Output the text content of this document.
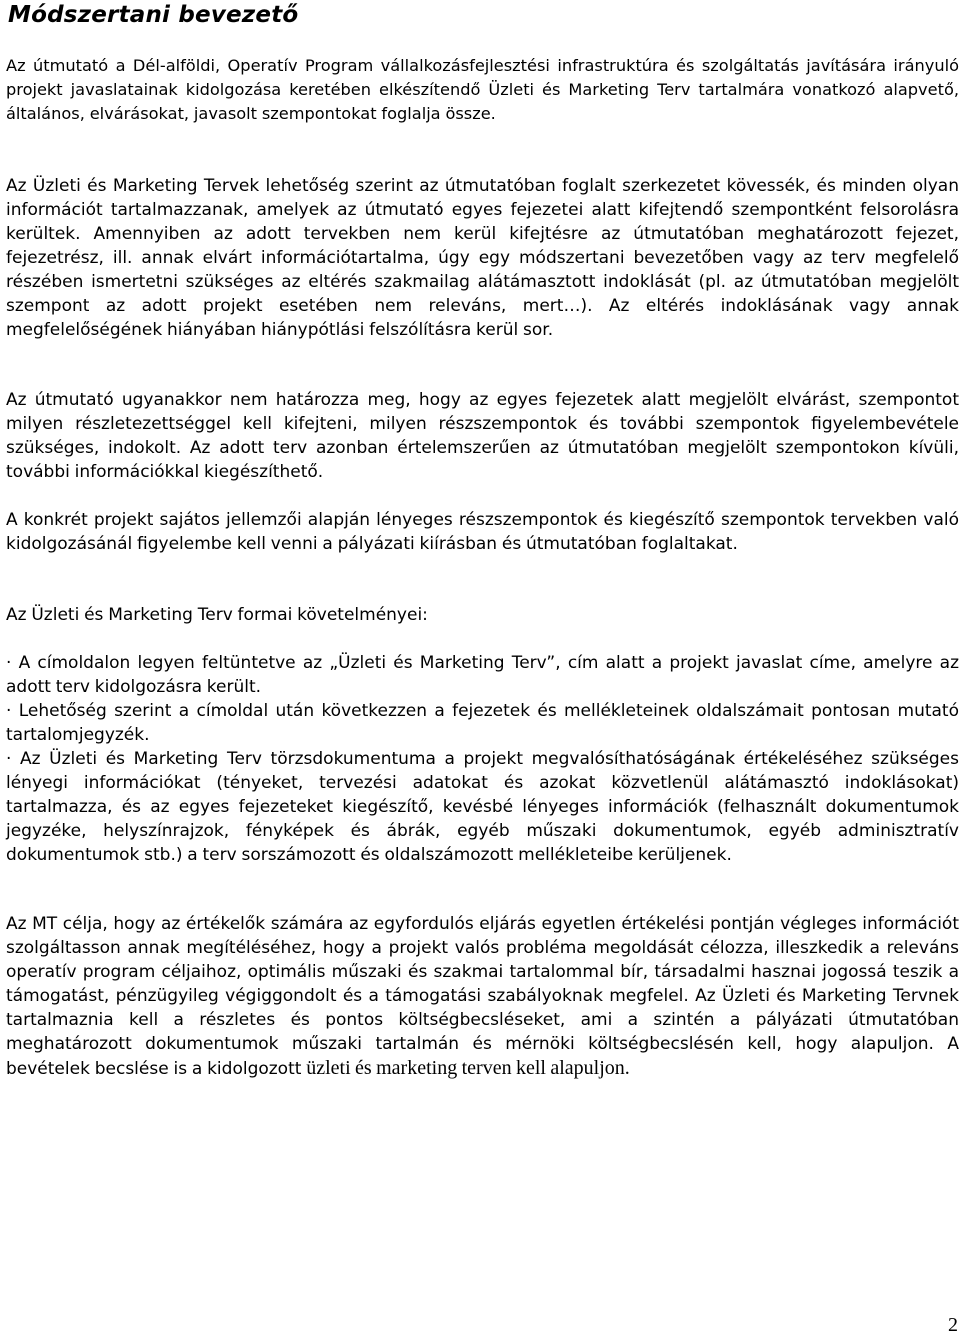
Módszertani bevezető

Az útmutató a Dél-alföldi, Operatív Program vállalkozásfejlesztési infrastruktúra és szolgáltatás javítására irányuló projekt javaslatainak kidolgozása keretében elkészítendő Üzleti és Marketing Terv tartalmára vonatkozó alapvető, általános, elvárásokat, javasolt szempontokat foglalja össze.

Az Üzleti és Marketing Tervek lehetőség szerint az útmutatóban foglalt szerkezetet kövessék, és minden olyan információt tartalmazzanak, amelyek az útmutató egyes fejezetei alatt kifejtendő szempontként felsorolásra kerültek. Amennyiben az adott tervekben nem kerül kifejtésre az útmutatóban meghatározott fejezet, fejezetrész, ill. annak elvárt információtartalma, úgy egy módszertani bevezetőben vagy az terv megfelelő részében ismertetni szükséges az eltérés szakmailag alátámasztott indoklását (pl. az útmutatóban megjelölt szempont az adott projekt esetében nem releváns, mert…). Az eltérés indoklásának vagy annak megfelelőségének hiányában hiánypótlási felszólításra kerül sor.

Az útmutató ugyanakkor nem határozza meg, hogy az egyes fejezetek alatt megjelölt elvárást, szempontot milyen részletezettséggel kell kifejteni, milyen részszempontok és további szempontok figyelembevétele szükséges, indokolt. Az adott terv azonban értelemszerűen az útmutatóban megjelölt szempontokon kívüli, további információkkal kiegészíthető.

A konkrét projekt sajátos jellemzői alapján lényeges részszempontok és kiegészítő szempontok tervekben való kidolgozásánál figyelembe kell venni a pályázati kiírásban és útmutatóban foglaltakat.

Az Üzleti és Marketing Terv formai követelményei:

· A címoldalon legyen feltüntetve az „Üzleti és Marketing Terv”, cím alatt a projekt javaslat címe, amelyre az adott terv kidolgozásra került.

· Lehetőség szerint a címoldal után következzen a fejezetek és mellékleteinek oldalszámait pontosan mutató tartalomjegyzék.

· Az Üzleti és Marketing Terv törzsdokumentuma a projekt megvalósíthatóságának értékeléséhez szükséges lényegi információkat (tényeket, tervezési adatokat és azokat közvetlenül alátámasztó indoklásokat) tartalmazza, és az egyes fejezeteket kiegészítő, kevésbé lényeges információk (felhasznált dokumentumok jegyzéke, helyszínrajzok, fényképek és ábrák, egyéb műszaki dokumentumok, egyéb adminisztratív dokumentumok stb.) a terv sorszámozott és oldalszámozott mellékleteibe kerüljenek.

Az MT célja, hogy az értékelők számára az egyfordulós eljárás egyetlen értékelési pontján végleges információt szolgáltasson annak megítéléséhez, hogy a projekt valós probléma megoldását célozza, illeszkedik a releváns operatív program céljaihoz, optimális műszaki és szakmai tartalommal bír, társadalmi hasznai jogossá teszik a támogatást, pénzügyileg végiggondolt és a támogatási szabályoknak megfelel. Az Üzleti és Marketing Tervnek tartalmaznia kell a részletes és pontos költségbecsléseket, ami a szintén a pályázati útmutatóban meghatározott dokumentumok műszaki tartalmán és mérnöki költségbecslésén kell, hogy alapuljon. A bevételek becslése is a kidolgozott üzleti és marketing terven kell alapuljon.

2
